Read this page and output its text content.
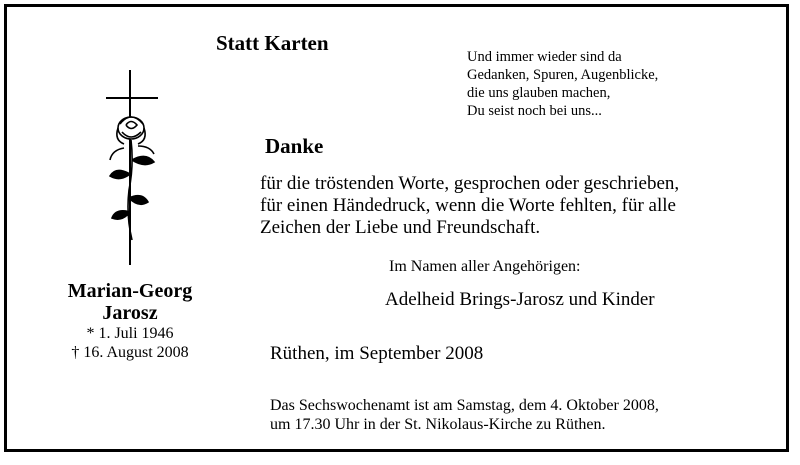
Statt Karten
Und immer wieder sind da
Gedanken, Spuren, Augenblicke,
die uns glauben machen,
Du seist noch bei uns...
Marian-Georg
Jarosz
* 1. Juli 1946
† 16. August 2008
Danke
für die tröstenden Worte, gesprochen oder geschrieben,
für einen Händedruck, wenn die Worte fehlten, für alle
Zeichen der Liebe und Freundschaft.
Im Namen aller Angehörigen:
Adelheid Brings-Jarosz und Kinder
Rüthen, im September 2008
Das Sechswochenamt ist am Samstag, dem 4. Oktober 2008,
um 17.30 Uhr in der St. Nikolaus-Kirche zu Rüthen.
